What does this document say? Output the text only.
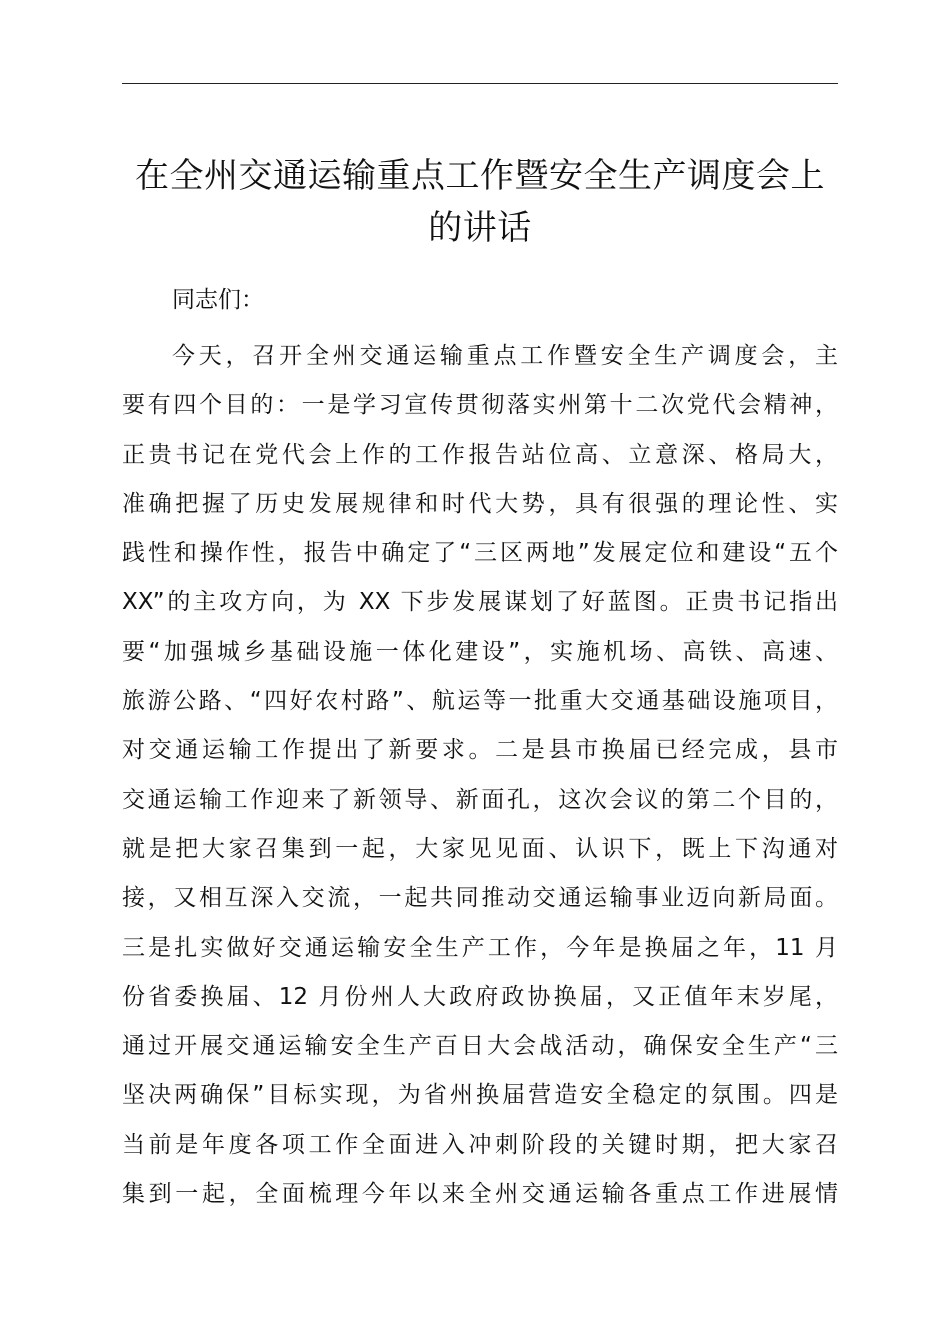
在全州交通运输重点工作暨安全生产调度会上
的讲话

同志们：

今天，召开全州交通运输重点工作暨安全生产调度会，主
要有四个目的：一是学习宣传贯彻落实州第十二次党代会精神，
正贵书记在党代会上作的工作报告站位高、立意深、格局大，
准确把握了历史发展规律和时代大势，具有很强的理论性、实
践性和操作性，报告中确定了“三区两地”发展定位和建设“五个
XX”的主攻方向，为 XX 下步发展谋划了好蓝图。正贵书记指出
要“加强城乡基础设施一体化建设”，实施机场、高铁、高速、
旅游公路、“四好农村路”、航运等一批重大交通基础设施项目，
对交通运输工作提出了新要求。二是县市换届已经完成，县市
交通运输工作迎来了新领导、新面孔，这次会议的第二个目的，
就是把大家召集到一起，大家见见面、认识下，既上下沟通对
接，又相互深入交流，一起共同推动交通运输事业迈向新局面。
三是扎实做好交通运输安全生产工作，今年是换届之年，11 月
份省委换届、12 月份州人大政府政协换届，又正值年末岁尾，
通过开展交通运输安全生产百日大会战活动，确保安全生产“三
坚决两确保”目标实现，为省州换届营造安全稳定的氛围。四是
当前是年度各项工作全面进入冲刺阶段的关键时期，把大家召
集到一起，全面梳理今年以来全州交通运输各重点工作进展情
